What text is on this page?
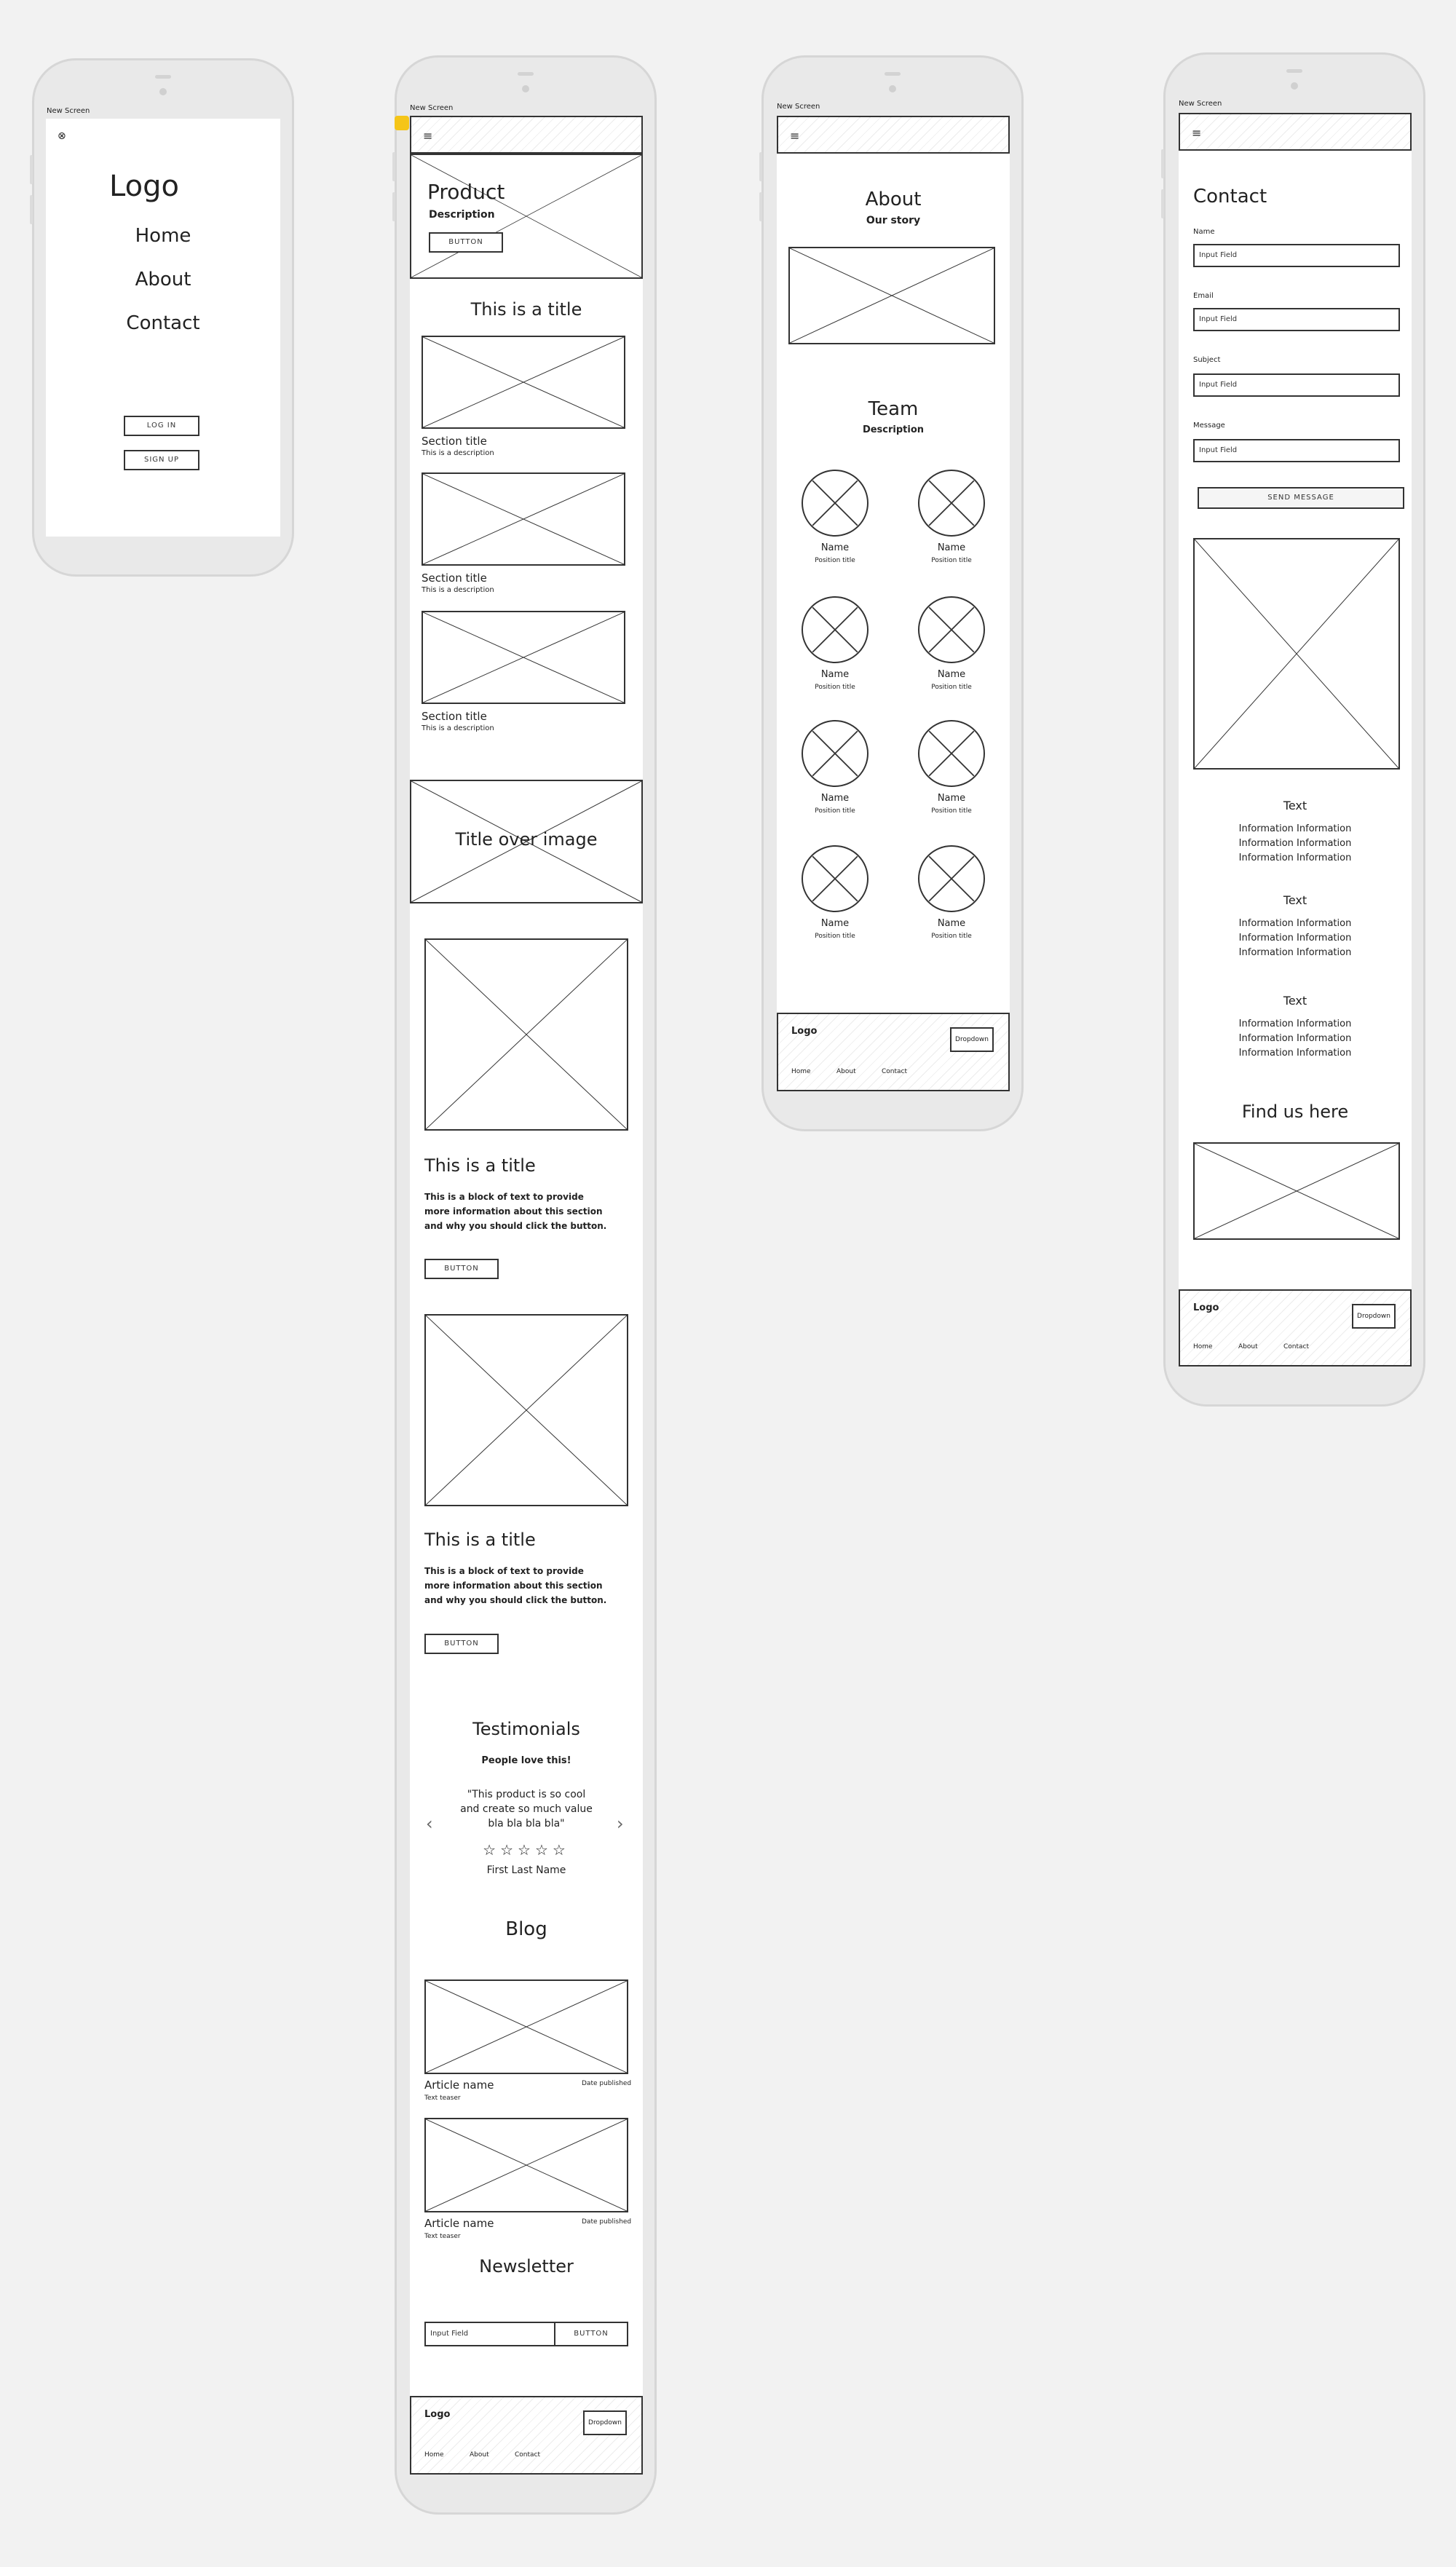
⊗
Logo
Home
About
Contact
LOG IN
SIGN UP
New Screen	New Screen
≡
Product
Description
BUTTON
This is a title
Section title
This is a description
Section title
This is a description
Section title
This is a description
Title over image
This is a title
This is a block of text to provide
more information about this section
and why you should click the button.
BUTTON
This is a title
This is a block of text to provide
more information about this section
and why you should click the button.
BUTTON
Testimonials
People love this!
"This product is so cool
and create so much value
bla bla bla bla"
‹	›
☆☆☆☆☆
First Last Name
Blog
Article name	Date published
Text teaser
Article name	Date published
Text teaser
Newsletter
Input Field	BUTTON
Logo
Dropdown
Home	About	Contact
New Screen
≡
About
Our story
Team
Description
Name
Position title
Name
Position title
Name
Position title
Name
Position title
Name
Position title
Name
Position title
Name
Position title
Name
Position title
Logo
Dropdown
Home	About	Contact
New Screen
≡
Contact
Name
Input Field
Email
Input Field
Subject
Input Field
Message
Input Field
SEND MESSAGE
Text
Information Information
Information Information
Information Information
Text
Information Information
Information Information
Information Information
Text
Information Information
Information Information
Information Information
Find us here
Logo
Dropdown
Home	About	Contact
